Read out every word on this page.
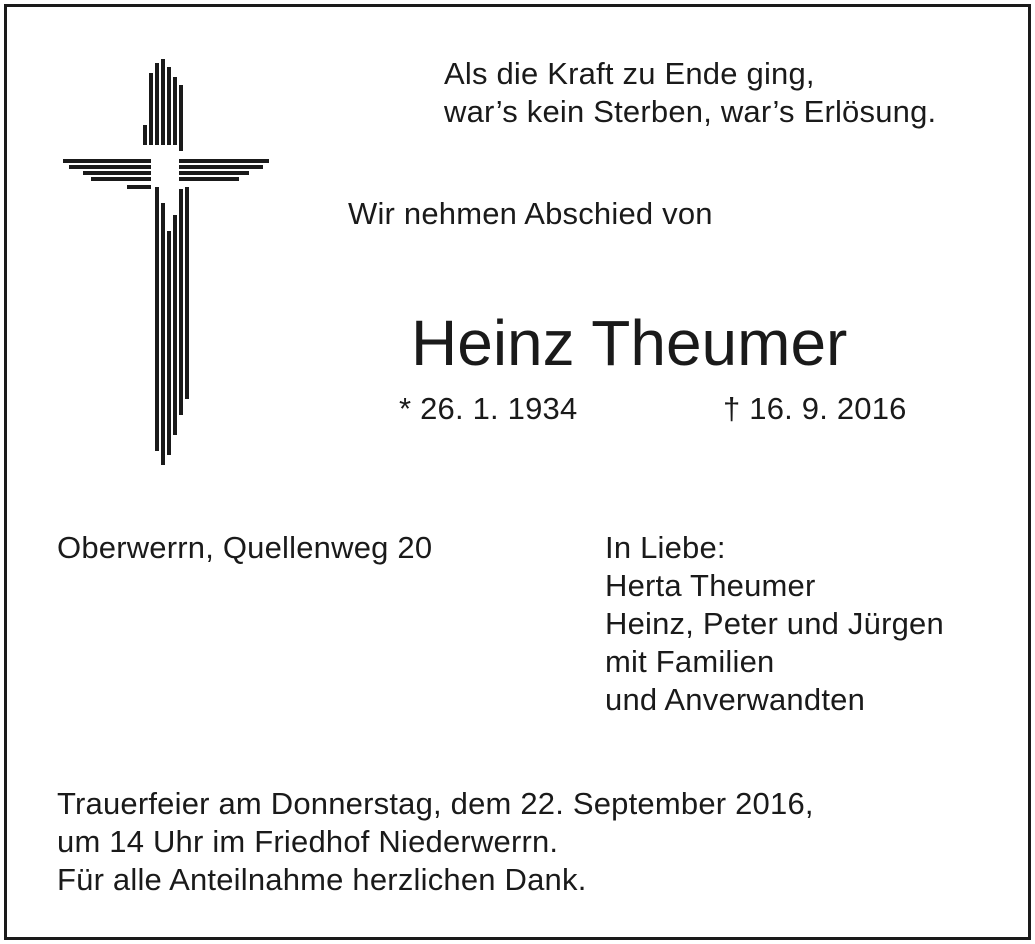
Als die Kraft zu Ende ging,
war’s kein Sterben, war’s Erlösung.
Wir nehmen Abschied von
Heinz Theumer
* 26. 1. 1934	† 16. 9. 2016
Oberwerrn, Quellenweg 20	In Liebe:
Herta Theumer
Heinz, Peter und Jürgen
mit Familien
und Anverwandten
Trauerfeier am Donnerstag, dem 22. September 2016,
um 14 Uhr im Friedhof Niederwerrn.
Für alle Anteilnahme herzlichen Dank.
